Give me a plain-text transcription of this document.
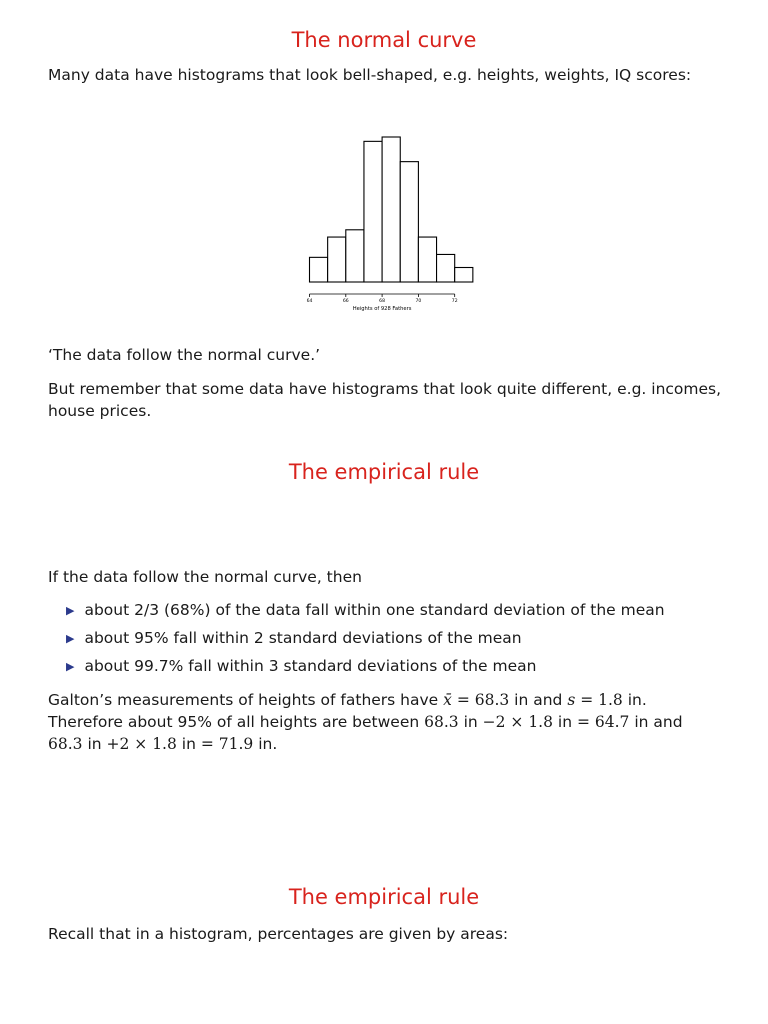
The normal curve

Many data have histograms that look bell-shaped, e.g. heights, weights, IQ scores:

64	66	68	70	72
Heights of 928 Fathers

‘The data follow the normal curve.’

But remember that some data have histograms that look quite different, e.g. incomes,
house prices.
The empirical rule

If the data follow the normal curve, then

▶ about 2/3 (68%) of the data fall within one standard deviation of the mean
▶ about 95% fall within 2 standard deviations of the mean
▶ about 99.7% fall within 3 standard deviations of the mean
Galton’s measurements of heights of fathers have x̄ = 68.3 in and s = 1.8 in.
Therefore about 95% of all heights are between 68.3 in −2 × 1.8 in = 64.7 in and
68.3 in +2 × 1.8 in = 71.9 in.
The empirical rule

Recall that in a histogram, percentages are given by areas:
